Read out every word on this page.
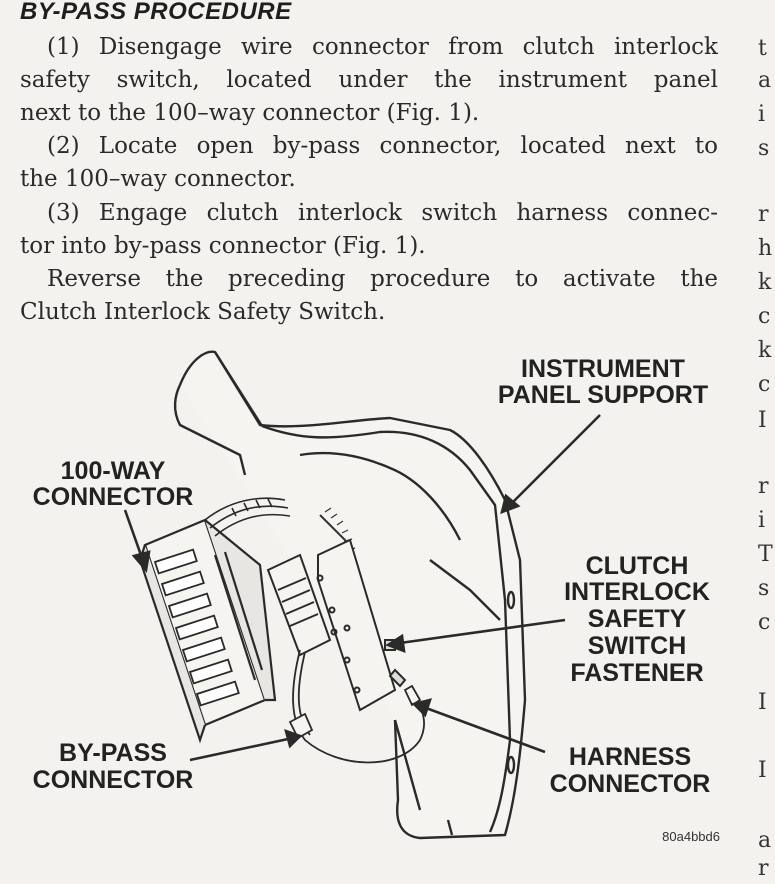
BY-PASS PROCEDURE
(1) Disengage wire connector from clutch interlock
safety switch, located under the instrument panel
next to the 100–way connector (Fig. 1).
(2) Locate open by-pass connector, located next to
the 100–way connector.
(3) Engage clutch interlock switch harness connec-
tor into by-pass connector (Fig. 1).
Reverse the preceding procedure to activate the
Clutch Interlock Safety Switch.
t
a
i
s
r
h
k
c
k
c
I
r
i
T
s
c
I
I
a
r
INSTRUMENT
PANEL SUPPORT
100-WAY
CONNECTOR
CLUTCH
INTERLOCK
SAFETY
SWITCH
FASTENER
BY-PASS
CONNECTOR
HARNESS
CONNECTOR
80a4bbd6
